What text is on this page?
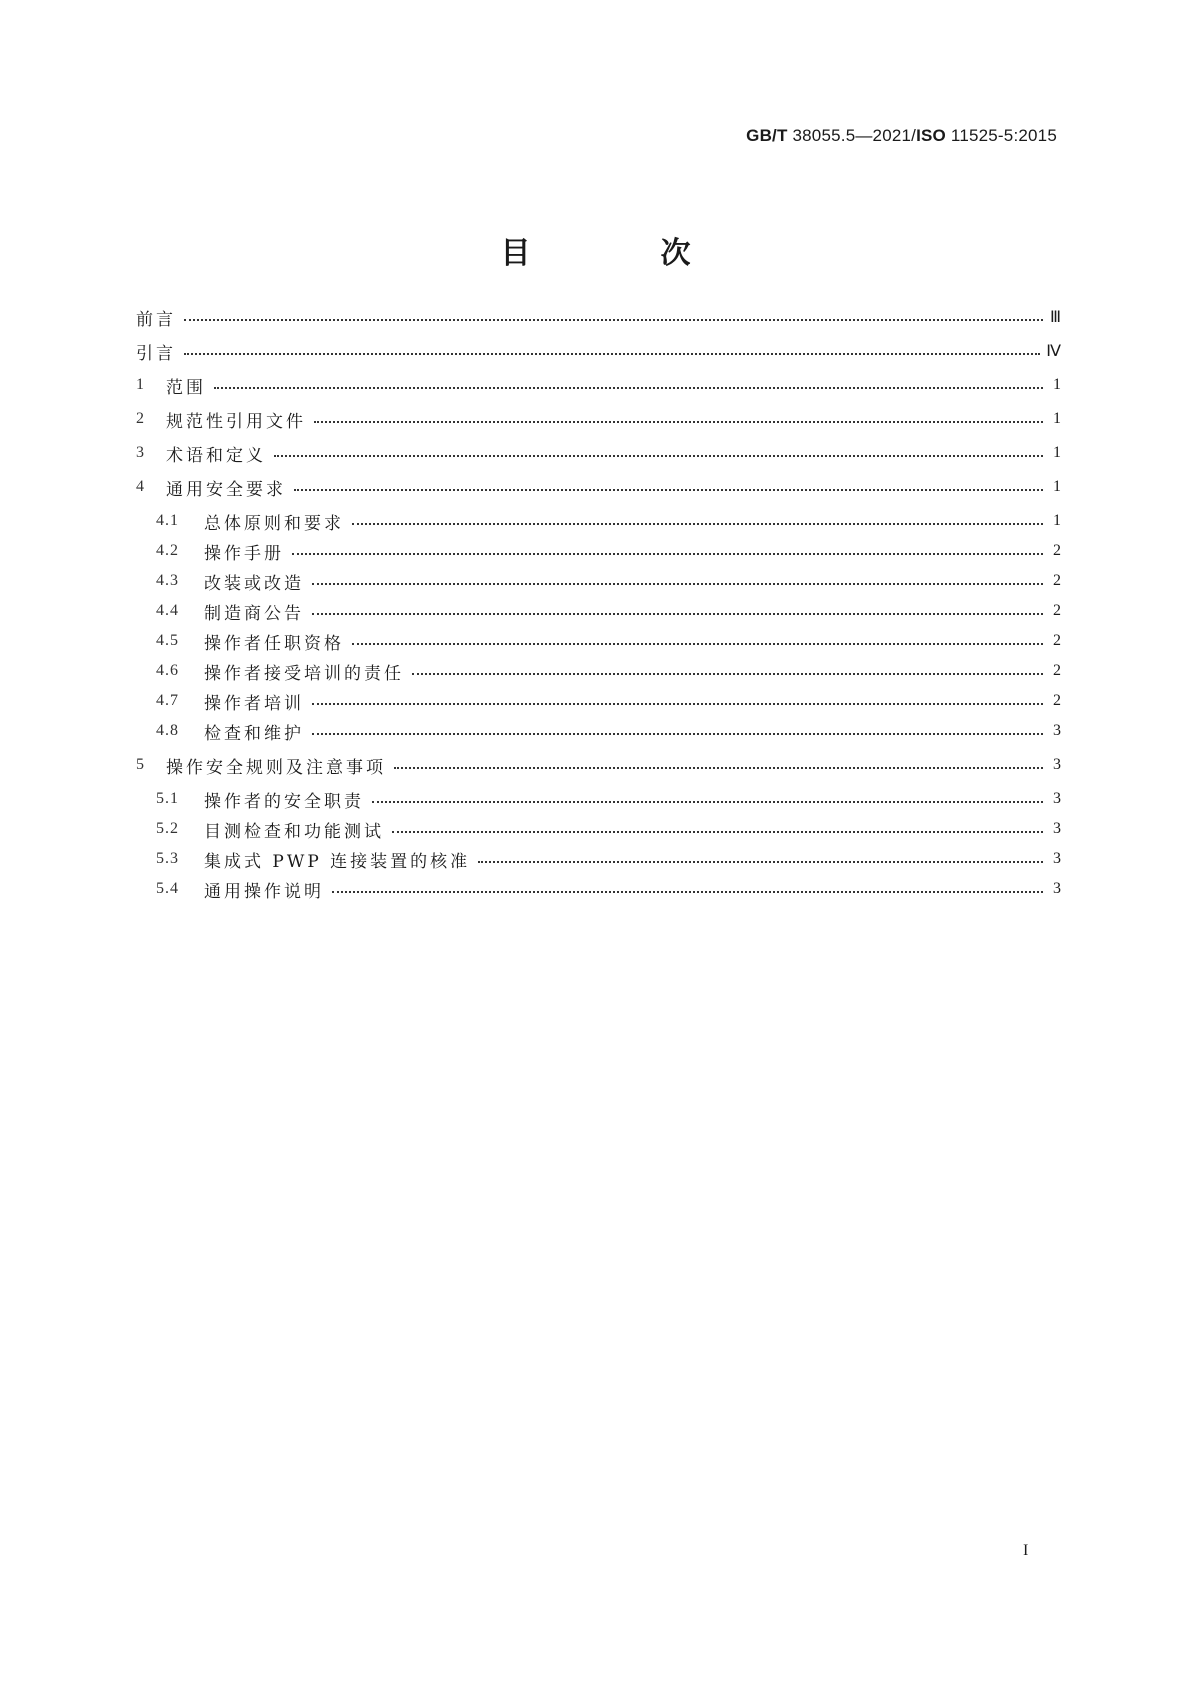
GB/T 38055.5—2021/ISO 11525-5:2015
目　次
前言	Ⅲ
引言	Ⅳ
1	范围	1
2	规范性引用文件	1
3	术语和定义	1
4	通用安全要求	1
4.1	总体原则和要求	1
4.2	操作手册	2
4.3	改装或改造	2
4.4	制造商公告	2
4.5	操作者任职资格	2
4.6	操作者接受培训的责任	2
4.7	操作者培训	2
4.8	检查和维护	3
5	操作安全规则及注意事项	3
5.1	操作者的安全职责	3
5.2	目测检查和功能测试	3
5.3	集成式 PWP 连接装置的核准	3
5.4	通用操作说明	3
I
